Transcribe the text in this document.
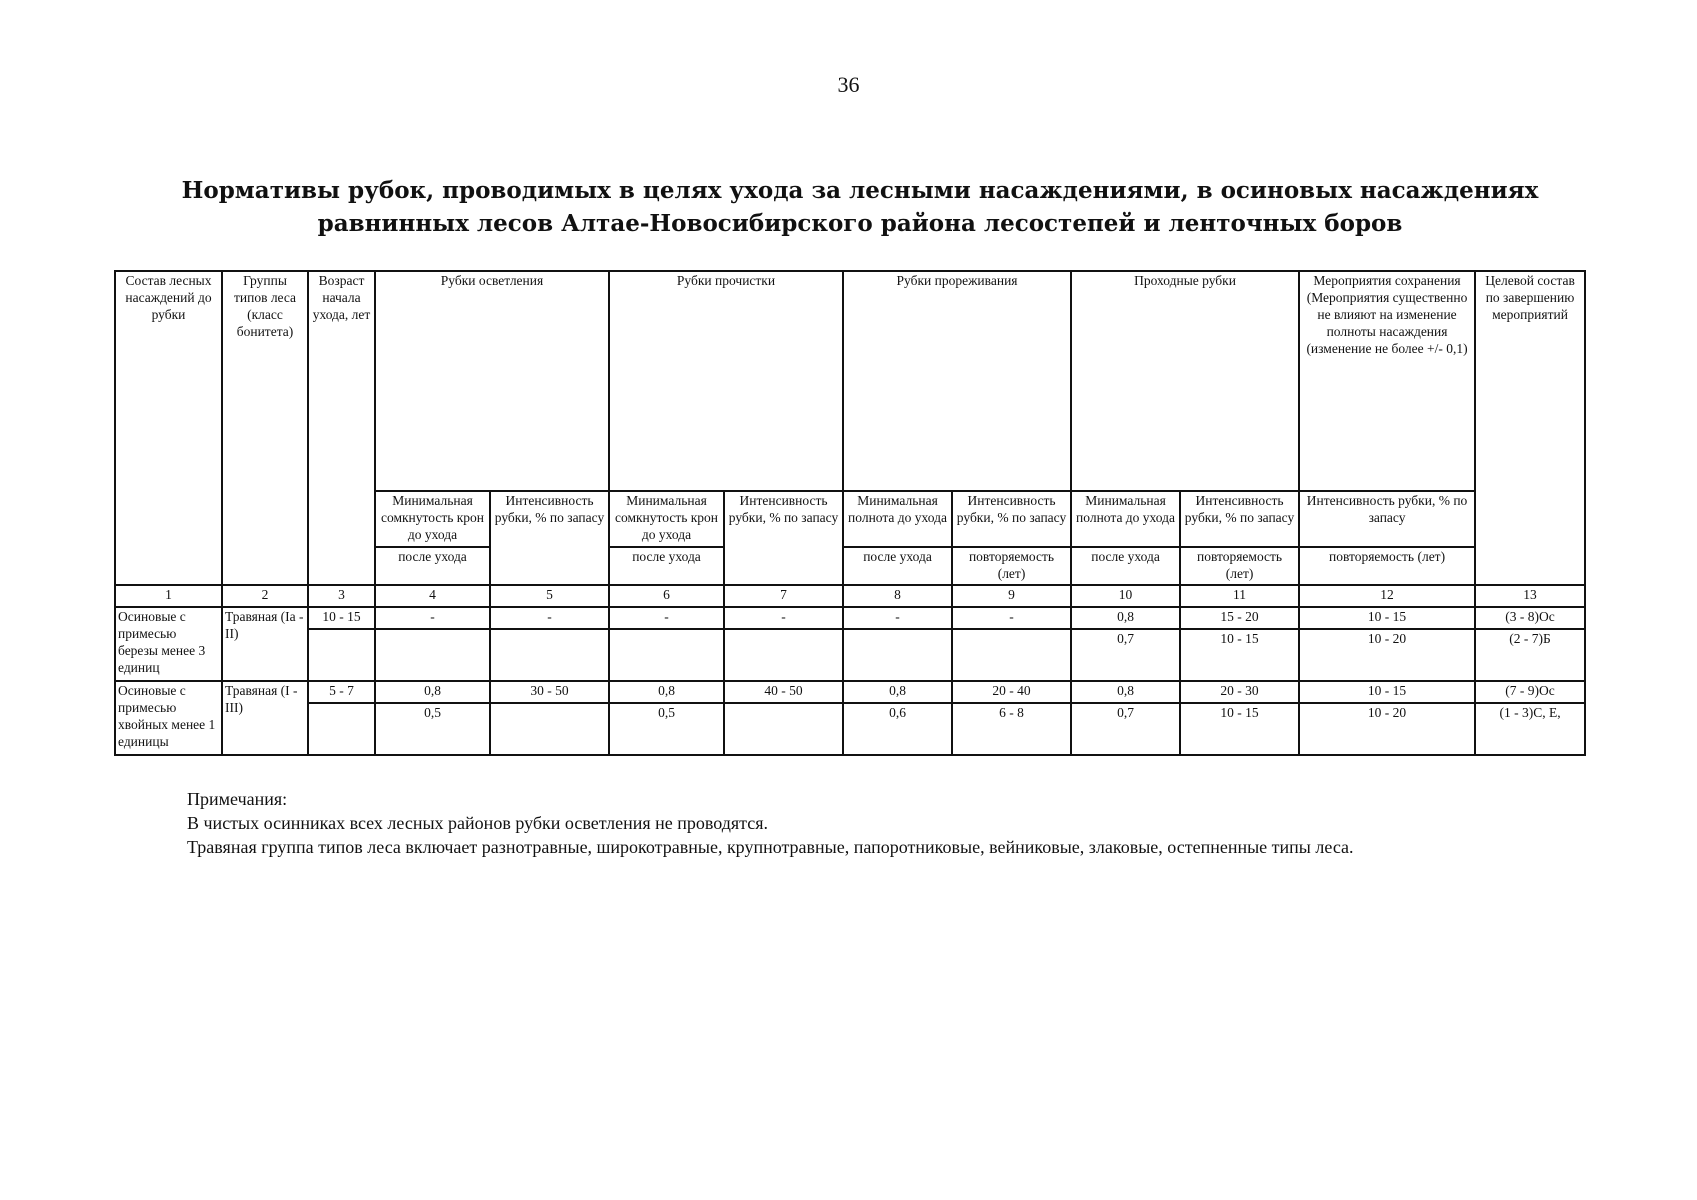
36
Нормативы рубок, проводимых в целях ухода за лесными насаждениями, в осиновых насаждениях
равнинных лесов Алтае-Новосибирского района лесостепей и ленточных боров
Состав лесных насаждений до рубки	Группы типов леса (класс бонитета)	Возраст начала ухода, лет	Рубки осветления		Рубки прочистки		Рубки прореживания		Проходные рубки		Мероприятия сохранения (Мероприятия существенно не влияют на изменение полноты насаждения (изменение не более +/- 0,1)	Целевой состав по завершению мероприятий
			Минимальная сомкнутость крон до ухода	Интенсивность рубки, % по запасу	Минимальная сомкнутость крон до ухода	Интенсивность рубки, % по запасу	Минимальная полнота до ухода	Интенсивность рубки, % по запасу	Минимальная полнота до ухода	Интенсивность рубки, % по запасу	Интенсивность рубки, % по запасу	
			после ухода		после ухода		после ухода	повторяемость (лет)	после ухода	повторяемость (лет)	повторяемость (лет)	
1	2	3	4	5	6	7	8	9	10	11	12	13
Осиновые с примесью березы менее 3 единиц	Травяная (Ia - II)	10 - 15	-	-	-	-	-	-	0,8	15 - 20	10 - 15	(3 - 8)Ос
									0,7	10 - 15	10 - 20	(2 - 7)Б
Осиновые с примесью хвойных менее 1 единицы	Травяная (I - III)	5 - 7	0,8	30 - 50	0,8	40 - 50	0,8	20 - 40	0,8	20 - 30	10 - 15	(7 - 9)Ос
			0,5		0,5		0,6	6 - 8	0,7	10 - 15	10 - 20	(1 - 3)С, Е,
Примечания:
В чистых осинниках всех лесных районов рубки осветления не проводятся.
Травяная группа типов леса включает разнотравные, широкотравные, крупнотравные, папоротниковые, вейниковые, злаковые, остепненные типы леса.
